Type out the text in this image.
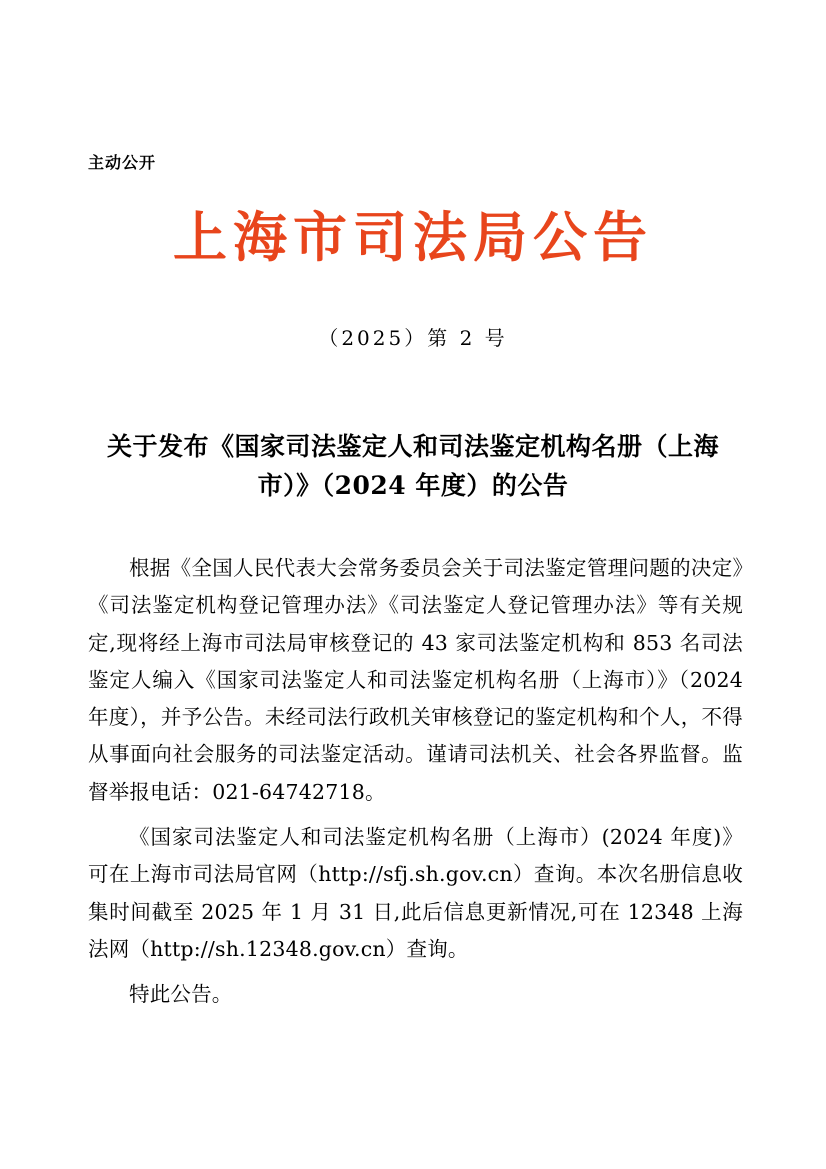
主动公开
上海市司法局公告
（2025）第 2 号
关于发布《国家司法鉴定人和司法鉴定机构名册（上海市）》（2024 年度）的公告

根据《全国人民代表大会常务委员会关于司法鉴定管理问题的决定》《司法鉴定机构登记管理办法》《司法鉴定人登记管理办法》等有关规定,现将经上海市司法局审核登记的 43 家司法鉴定机构和 853 名司法鉴定人编入《国家司法鉴定人和司法鉴定机构名册（上海市）》（2024 年度），并予公告。未经司法行政机关审核登记的鉴定机构和个人，不得从事面向社会服务的司法鉴定活动。谨请司法机关、社会各界监督。监督举报电话：021-64742718。

《国家司法鉴定人和司法鉴定机构名册（上海市）(2024 年度)》可在上海市司法局官网（http://sfj.sh.gov.cn）查询。本次名册信息收集时间截至 2025 年 1 月 31 日,此后信息更新情况,可在 12348 上海法网（http://sh.12348.gov.cn）查询。

特此公告。
